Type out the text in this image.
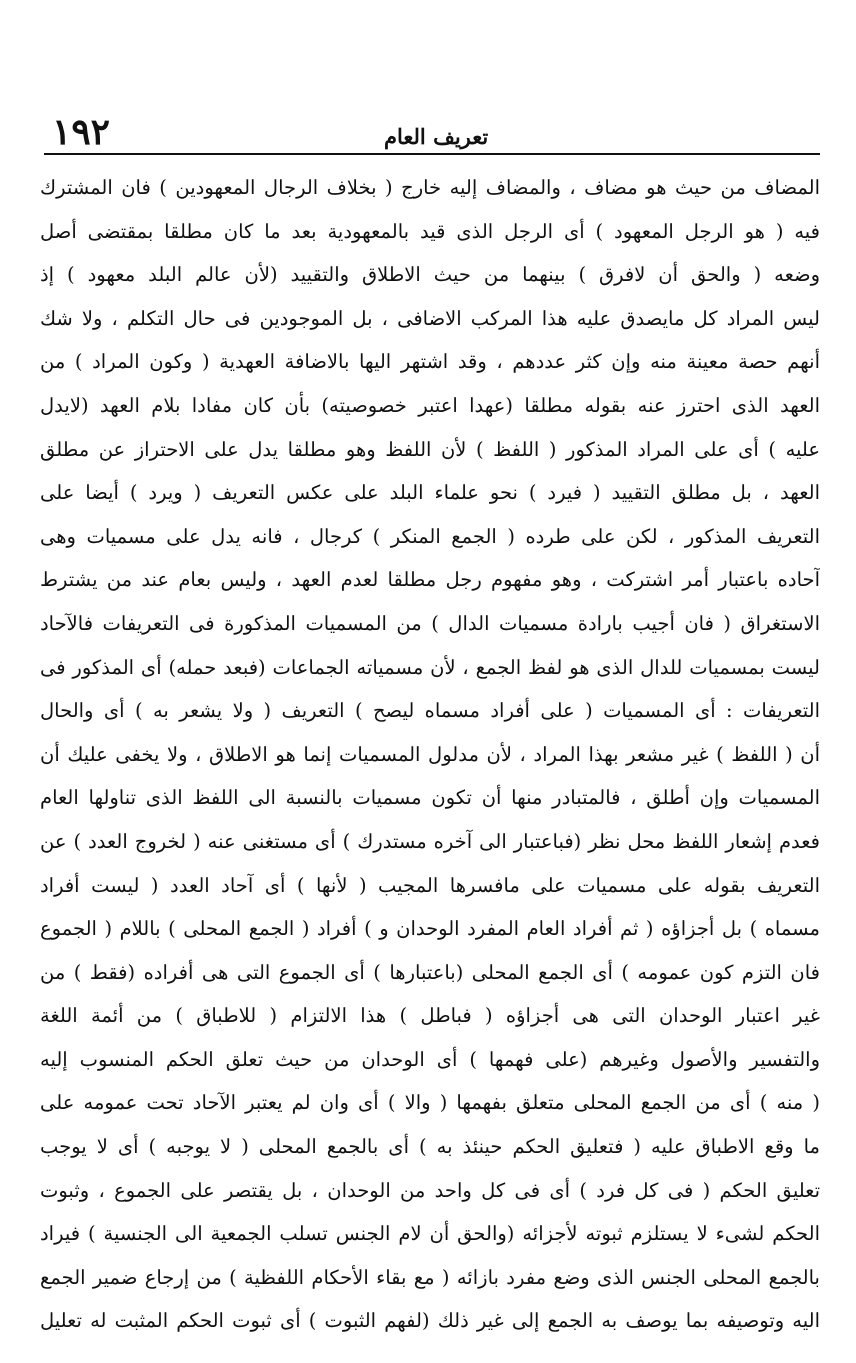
١٩٢	تعريف العام
المضاف من حيث هو مضاف ، والمضاف إليه خارج ( بخلاف الرجال المعهودين ) فان المشترك
فيه ( هو الرجل المعهود ) أى الرجل الذى قيد بالمعهودية بعد ما كان مطلقا بمقتضى أصل
وضعه ( والحق أن لافرق ) بينهما من حيث الاطلاق والتقييد (لأن عالم البلد معهود ) إذ
ليس المراد كل مايصدق عليه هذا المركب الاضافى ، بل الموجودين فى حال التكلم ، ولا شك
أنهم حصة معينة منه وإن كثر عددهم ، وقد اشتهر اليها بالاضافة العهدية ( وكون المراد ) من
العهد الذى احترز عنه بقوله مطلقا (عهدا اعتبر خصوصيته) بأن كان مفادا بلام العهد (لايدل
عليه ) أى على المراد المذكور ( اللفظ ) لأن اللفظ وهو مطلقا يدل على الاحتراز عن مطلق
العهد ، بل مطلق التقييد ( فيرد ) نحو علماء البلد على عكس التعريف ( ويرد ) أيضا على
التعريف المذكور ، لكن على طرده ( الجمع المنكر ) كرجال ، فانه يدل على مسميات وهى
آحاده باعتبار أمر اشتركت ، وهو مفهوم رجل مطلقا لعدم العهد ، وليس بعام عند من يشترط
الاستغراق ( فان أجيب بارادة مسميات الدال ) من المسميات المذكورة فى التعريفات فالآحاد
ليست بمسميات للدال الذى هو لفظ الجمع ، لأن مسمياته الجماعات (فبعد حمله) أى المذكور فى
التعريفات : أى المسميات ( على أفراد مسماه ليصح ) التعريف ( ولا يشعر به ) أى والحال
أن ( اللفظ ) غير مشعر بهذا المراد ، لأن مدلول المسميات إنما هو الاطلاق ، ولا يخفى عليك أن
المسميات وإن أطلق ، فالمتبادر منها أن تكون مسميات بالنسبة الى اللفظ الذى تناولها العام
فعدم إشعار اللفظ محل نظر (فباعتبار الى آخره مستدرك ) أى مستغنى عنه ( لخروج العدد ) عن
التعريف بقوله على مسميات على مافسرها المجيب ( لأنها ) أى آحاد العدد ( ليست أفراد
مسماه ) بل أجزاؤه ( ثم أفراد العام المفرد الوحدان و ) أفراد ( الجمع المحلى ) باللام ( الجموع
فان التزم كون عمومه ) أى الجمع المحلى (باعتبارها ) أى الجموع التى هى أفراده (فقط ) من
غير اعتبار الوحدان التى هى أجزاؤه ( فباطل ) هذا الالتزام ( للاطباق ) من أئمة اللغة
والتفسير والأصول وغيرهم (على فهمها ) أى الوحدان من حيث تعلق الحكم المنسوب إليه
( منه ) أى من الجمع المحلى متعلق بفهمها ( والا ) أى وان لم يعتبر الآحاد تحت عمومه على
ما وقع الاطباق عليه ( فتعليق الحكم حينئذ به ) أى بالجمع المحلى ( لا يوجبه ) أى لا يوجب
تعليق الحكم ( فى كل فرد ) أى فى كل واحد من الوحدان ، بل يقتصر على الجموع ، وثبوت
الحكم لشىء لا يستلزم ثبوته لأجزائه (والحق أن لام الجنس تسلب الجمعية الى الجنسية ) فيراد
بالجمع المحلى الجنس الذى وضع مفرد بازائه ( مع بقاء الأحكام اللفظية ) من إرجاع ضمير الجمع
اليه وتوصيفه بما يوصف به الجمع إلى غير ذلك (لفهم الثبوت ) أى ثبوت الحكم المثبت له تعليل
